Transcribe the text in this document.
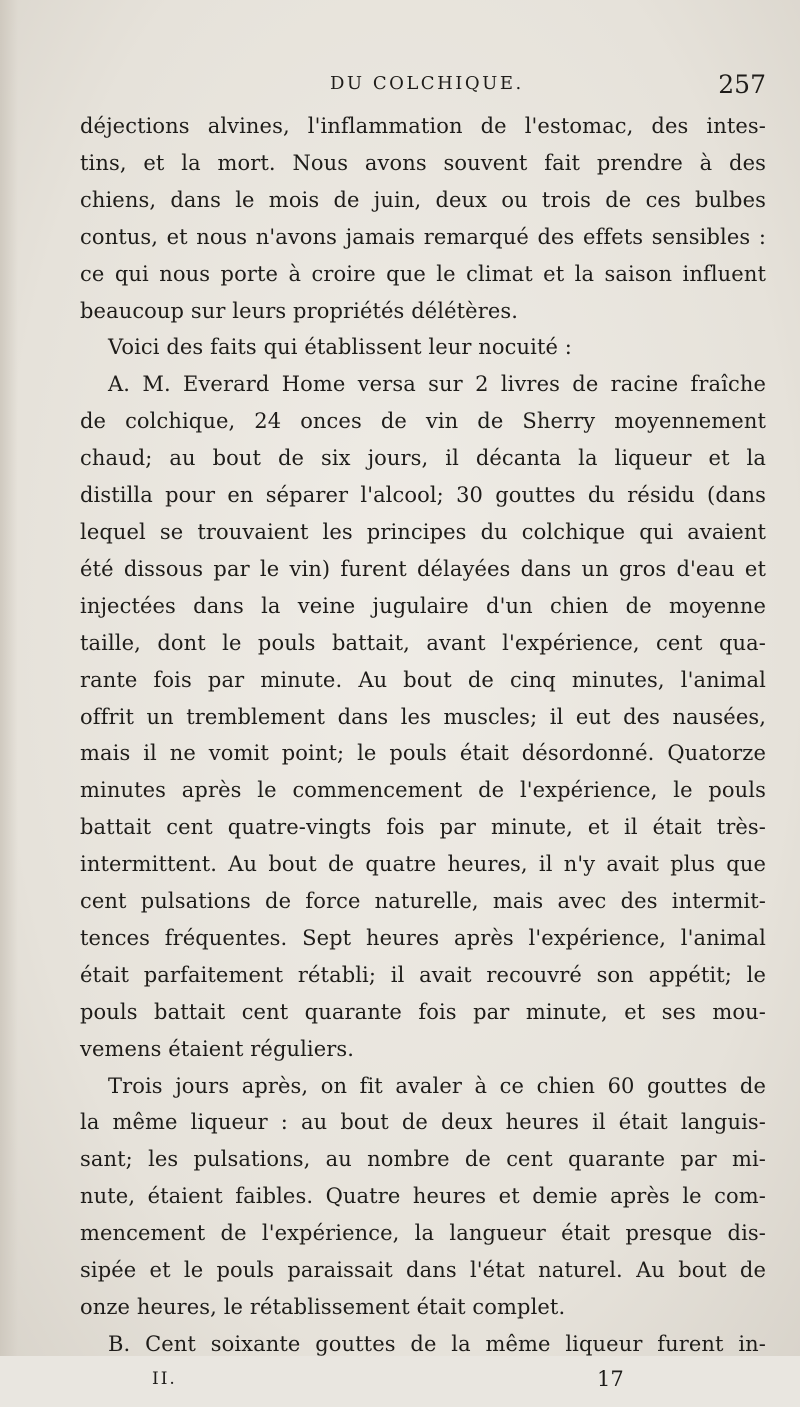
DU COLCHIQUE.	257
déjections alvines, l'inflammation de l'estomac, des intes-
tins, et la mort. Nous avons souvent fait prendre à des
chiens, dans le mois de juin, deux ou trois de ces bulbes
contus, et nous n'avons jamais remarqué des effets sensibles :
ce qui nous porte à croire que le climat et la saison influent
beaucoup sur leurs propriétés délétères.
Voici des faits qui établissent leur nocuité :
A. M. Everard Home versa sur 2 livres de racine fraîche
de colchique, 24 onces de vin de Sherry moyennement
chaud; au bout de six jours, il décanta la liqueur et la
distilla pour en séparer l'alcool; 30 gouttes du résidu (dans
lequel se trouvaient les principes du colchique qui avaient
été dissous par le vin) furent délayées dans un gros d'eau et
injectées dans la veine jugulaire d'un chien de moyenne
taille, dont le pouls battait, avant l'expérience, cent qua-
rante fois par minute. Au bout de cinq minutes, l'animal
offrit un tremblement dans les muscles; il eut des nausées,
mais il ne vomit point; le pouls était désordonné. Quatorze
minutes après le commencement de l'expérience, le pouls
battait cent quatre-vingts fois par minute, et il était très-
intermittent. Au bout de quatre heures, il n'y avait plus que
cent pulsations de force naturelle, mais avec des intermit-
tences fréquentes. Sept heures après l'expérience, l'animal
était parfaitement rétabli; il avait recouvré son appétit; le
pouls battait cent quarante fois par minute, et ses mou-
vemens étaient réguliers.
Trois jours après, on fit avaler à ce chien 60 gouttes de
la même liqueur : au bout de deux heures il était languis-
sant; les pulsations, au nombre de cent quarante par mi-
nute, étaient faibles. Quatre heures et demie après le com-
mencement de l'expérience, la langueur était presque dis-
sipée et le pouls paraissait dans l'état naturel. Au bout de
onze heures, le rétablissement était complet.
B. Cent soixante gouttes de la même liqueur furent in-
II.	17
